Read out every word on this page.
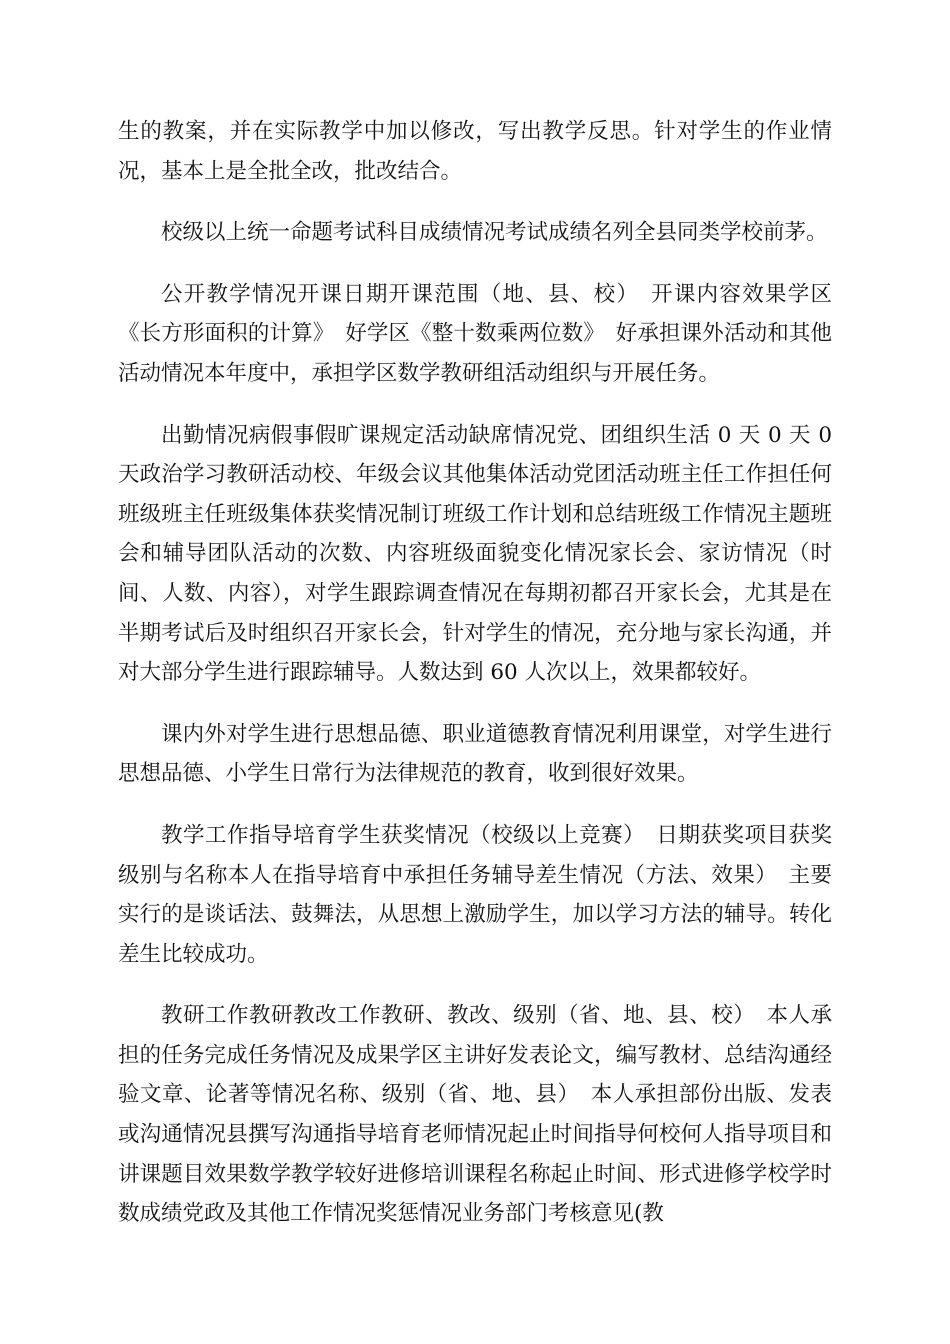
生的教案，并在实际教学中加以修改，写出教学反思。针对学生的作业情况，基本上是全批全改，批改结合。

校级以上统一命题考试科目成绩情况考试成绩名列全县同类学校前茅。

公开教学情况开课日期开课范围（地、县、校）　开课内容效果学区《长方形面积的计算》　好学区《整十数乘两位数》　好承担课外活动和其他活动情况本年度中，承担学区数学教研组活动组织与开展任务。

出勤情况病假事假旷课规定活动缺席情况党、团组织生活 0 天 0 天 0 天政治学习教研活动校、年级会议其他集体活动党团活动班主任工作担任何班级班主任班级集体获奖情况制订班级工作计划和总结班级工作情况主题班会和辅导团队活动的次数、内容班级面貌变化情况家长会、家访情况（时间、人数、内容），对学生跟踪调查情况在每期初都召开家长会，尤其是在半期考试后及时组织召开家长会，针对学生的情况，充分地与家长沟通，并对大部分学生进行跟踪辅导。人数达到 60 人次以上，效果都较好。

课内外对学生进行思想品德、职业道德教育情况利用课堂，对学生进行思想品德、小学生日常行为法律规范的教育，收到很好效果。

教学工作指导培育学生获奖情况（校级以上竞赛）　日期获奖项目获奖级别与名称本人在指导培育中承担任务辅导差生情况（方法、效果）　主要实行的是谈话法、鼓舞法，从思想上激励学生，加以学习方法的辅导。转化差生比较成功。

教研工作教研教改工作教研、教改、级别（省、地、县、校）　本人承担的任务完成任务情况及成果学区主讲好发表论文，编写教材、总结沟通经验文章、论著等情况名称、级别（省、地、县）　本人承担部份出版、发表或沟通情况县撰写沟通指导培育老师情况起止时间指导何校何人指导项目和讲课题目效果数学教学较好进修培训课程名称起止时间、形式进修学校学时数成绩党政及其他工作情况奖惩情况业务部门考核意见(教
